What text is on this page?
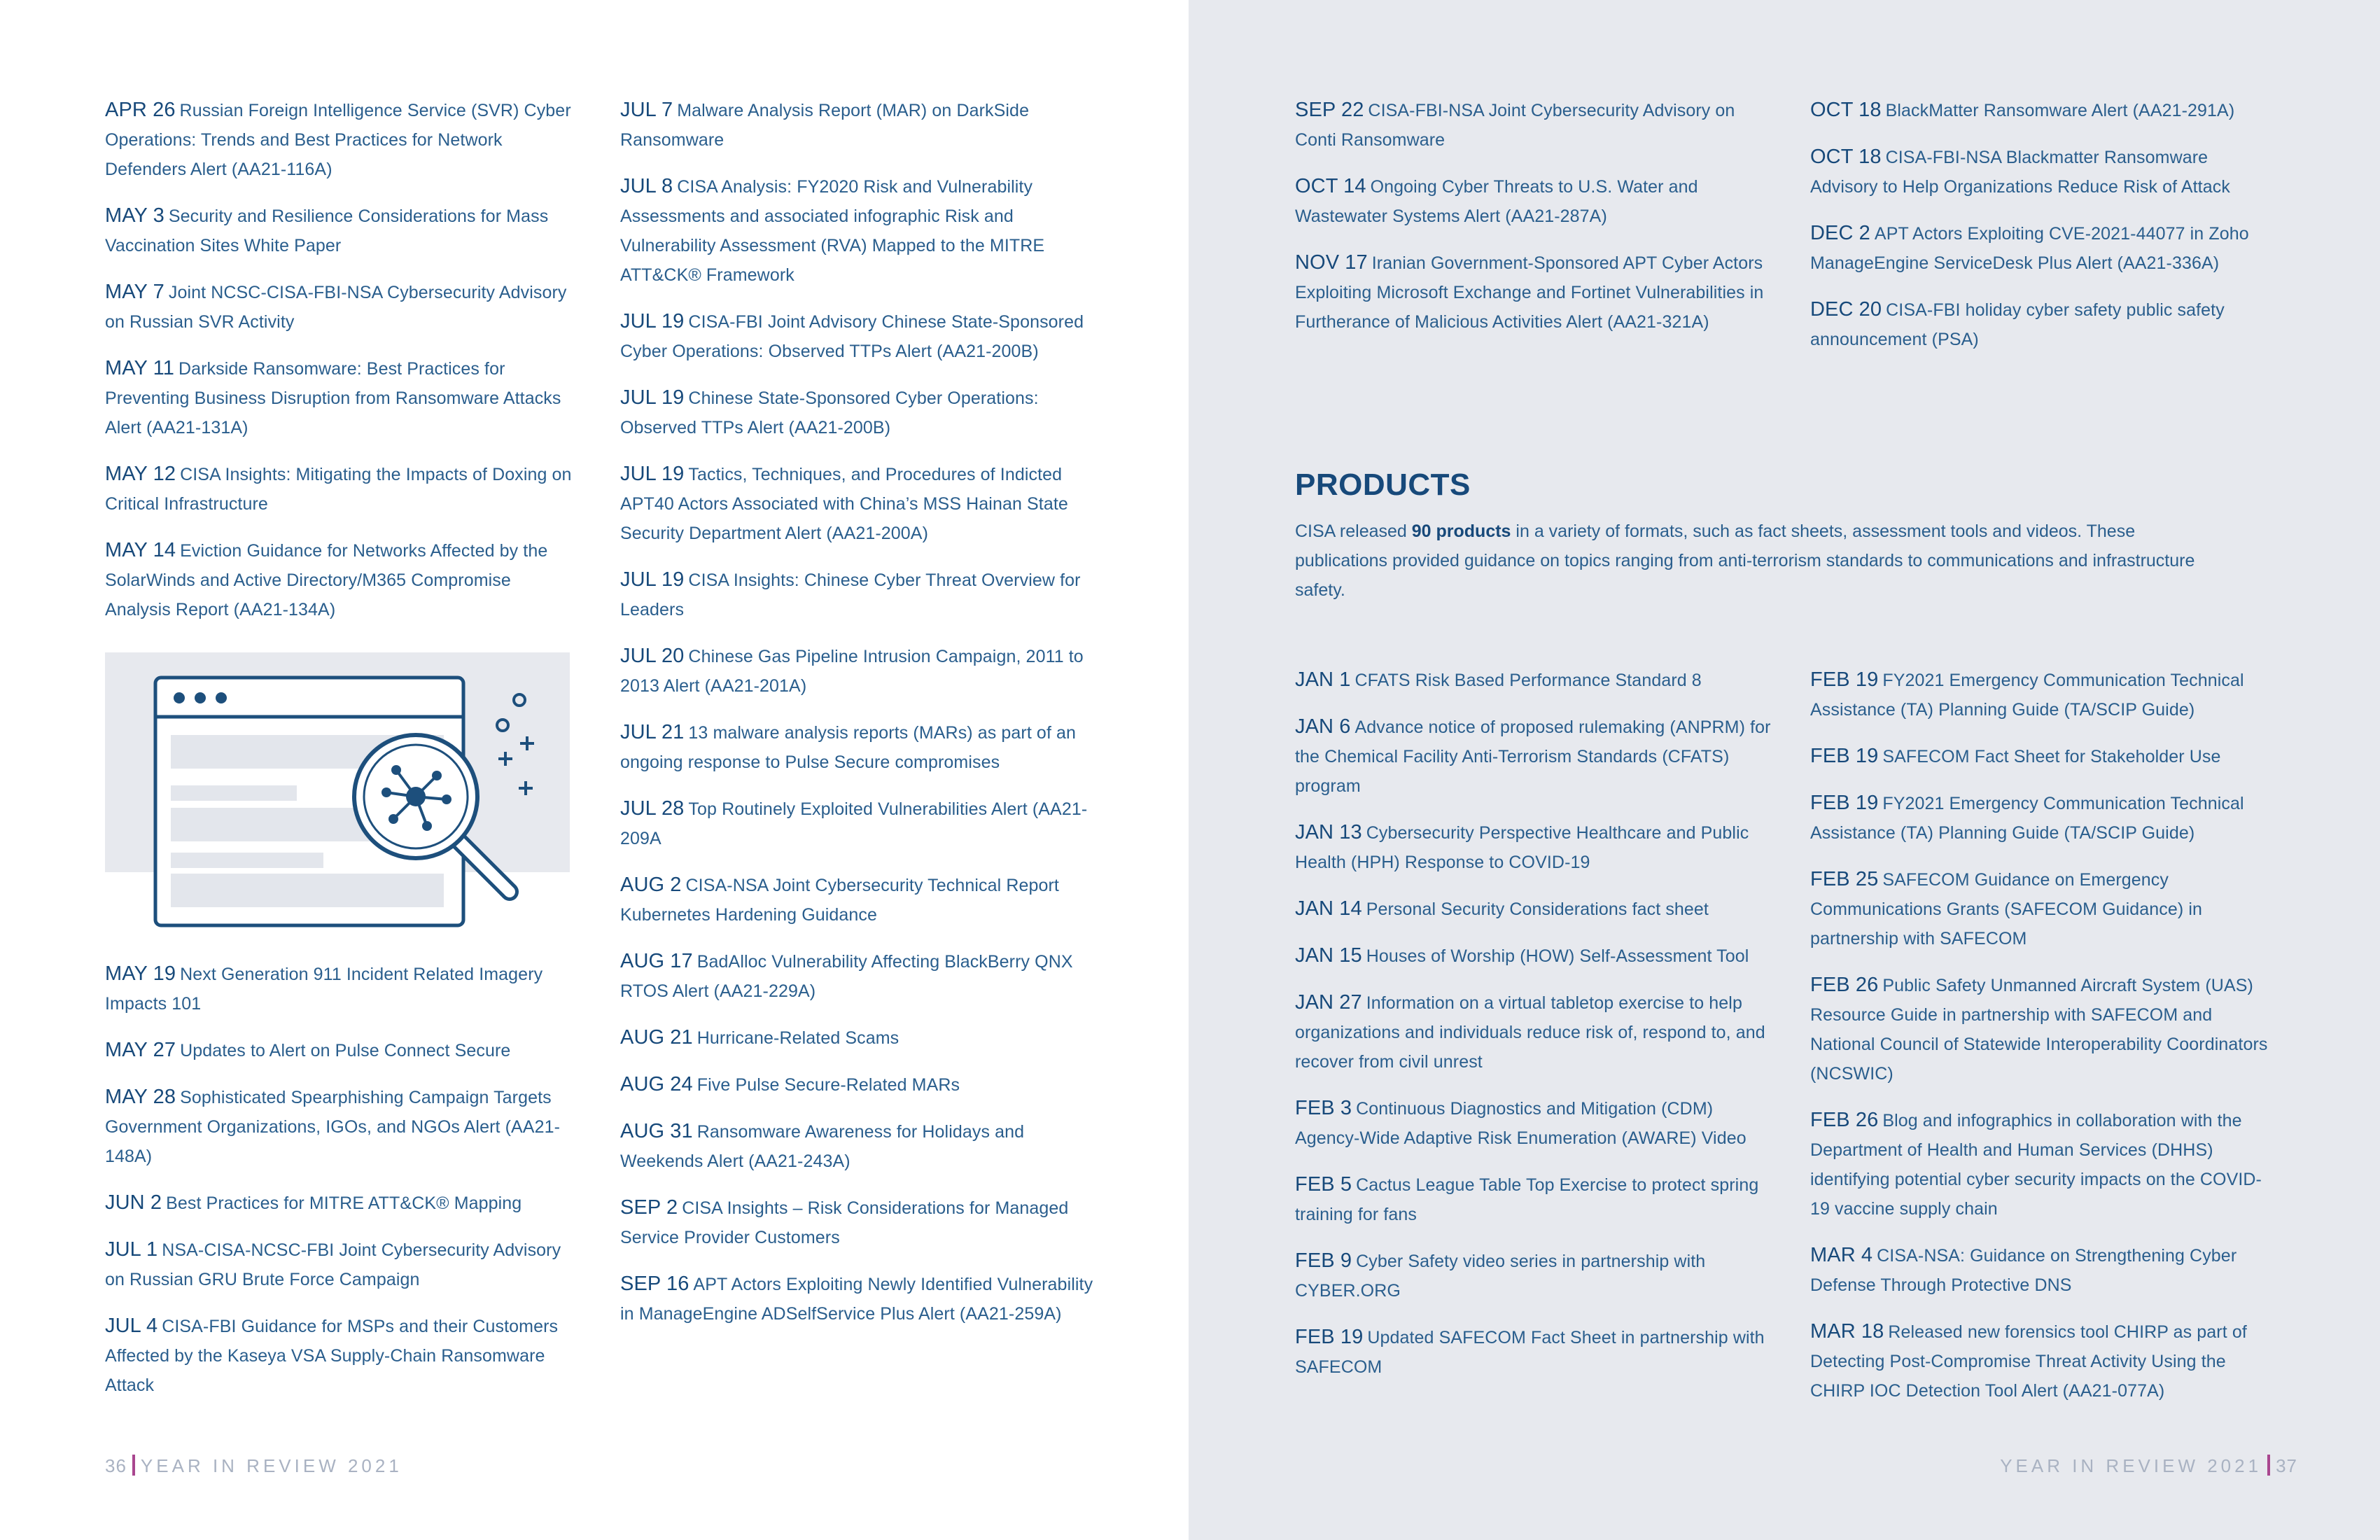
APR 26 Russian Foreign Intelligence Service (SVR) Cyber Operations: Trends and Best Practices for Network Defenders Alert (AA21-116A)

MAY 3 Security and Resilience Considerations for Mass Vaccination Sites White Paper

MAY 7 Joint NCSC-CISA-FBI-NSA Cybersecurity Advisory on Russian SVR Activity

MAY 11 Darkside Ransomware: Best Practices for Preventing Business Disruption from Ransomware Attacks Alert (AA21-131A)

MAY 12 CISA Insights: Mitigating the Impacts of Doxing on Critical Infrastructure

MAY 14 Eviction Guidance for Networks Affected by the SolarWinds and Active Directory/M365 Compromise Analysis Report (AA21-134A)

MAY 19 Next Generation 911 Incident Related Imagery Impacts 101

MAY 27 Updates to Alert on Pulse Connect Secure

MAY 28 Sophisticated Spearphishing Campaign Targets Government Organizations, IGOs, and NGOs Alert (AA21-148A)

JUN 2 Best Practices for MITRE ATT&CK® Mapping

JUL 1 NSA-CISA-NCSC-FBI Joint Cybersecurity Advisory on Russian GRU Brute Force Campaign

JUL 4 CISA-FBI Guidance for MSPs and their Customers Affected by the Kaseya VSA Supply-Chain Ransomware Attack

JUL 7 Malware Analysis Report (MAR) on DarkSide Ransomware

JUL 8 CISA Analysis: FY2020 Risk and Vulnerability Assessments and associated infographic Risk and Vulnerability Assessment (RVA) Mapped to the MITRE ATT&CK® Framework

JUL 19 CISA-FBI Joint Advisory Chinese State-Sponsored Cyber Operations: Observed TTPs Alert (AA21-200B)

JUL 19 Chinese State-Sponsored Cyber Operations: Observed TTPs Alert (AA21-200B)

JUL 19 Tactics, Techniques, and Procedures of Indicted APT40 Actors Associated with China’s MSS Hainan State Security Department Alert (AA21-200A)

JUL 19 CISA Insights: Chinese Cyber Threat Overview for Leaders

JUL 20 Chinese Gas Pipeline Intrusion Campaign, 2011 to 2013 Alert (AA21-201A)

JUL 21 13 malware analysis reports (MARs) as part of an ongoing response to Pulse Secure compromises

JUL 28 Top Routinely Exploited Vulnerabilities Alert (AA21-209A

AUG 2 CISA-NSA Joint Cybersecurity Technical Report Kubernetes Hardening Guidance

AUG 17 BadAlloc Vulnerability Affecting BlackBerry QNX RTOS Alert (AA21-229A)

AUG 21 Hurricane-Related Scams

AUG 24 Five Pulse Secure-Related MARs

AUG 31 Ransomware Awareness for Holidays and Weekends Alert (AA21-243A)

SEP 2 CISA Insights – Risk Considerations for Managed Service Provider Customers

SEP 16 APT Actors Exploiting Newly Identified Vulnerability in ManageEngine ADSelfService Plus Alert (AA21-259A)

36 YEAR IN REVIEW 2021

SEP 22 CISA-FBI-NSA Joint Cybersecurity Advisory on Conti Ransomware

OCT 14 Ongoing Cyber Threats to U.S. Water and Wastewater Systems Alert (AA21-287A)

NOV 17 Iranian Government-Sponsored APT Cyber Actors Exploiting Microsoft Exchange and Fortinet Vulnerabilities in Furtherance of Malicious Activities Alert (AA21-321A)

OCT 18 BlackMatter Ransomware Alert (AA21-291A)

OCT 18 CISA-FBI-NSA Blackmatter Ransomware Advisory to Help Organizations Reduce Risk of Attack

DEC 2 APT Actors Exploiting CVE-2021-44077 in Zoho ManageEngine ServiceDesk Plus Alert (AA21-336A)

DEC 20 CISA-FBI holiday cyber safety public safety announcement (PSA)

PRODUCTS

CISA released 90 products in a variety of formats, such as fact sheets, assessment tools and videos. These publications provided guidance on topics ranging from anti-terrorism standards to communications and infrastructure safety.

JAN 1 CFATS Risk Based Performance Standard 8

JAN 6 Advance notice of proposed rulemaking (ANPRM) for the Chemical Facility Anti-Terrorism Standards (CFATS) program

JAN 13 Cybersecurity Perspective Healthcare and Public Health (HPH) Response to COVID-19

JAN 14 Personal Security Considerations fact sheet

JAN 15 Houses of Worship (HOW) Self-Assessment Tool

JAN 27 Information on a virtual tabletop exercise to help organizations and individuals reduce risk of, respond to, and recover from civil unrest

FEB 3 Continuous Diagnostics and Mitigation (CDM) Agency-Wide Adaptive Risk Enumeration (AWARE) Video

FEB 5 Cactus League Table Top Exercise to protect spring training for fans

FEB 9 Cyber Safety video series in partnership with CYBER.ORG

FEB 19 Updated SAFECOM Fact Sheet in partnership with SAFECOM

FEB 19 FY2021 Emergency Communication Technical Assistance (TA) Planning Guide (TA/SCIP Guide)

FEB 19 SAFECOM Fact Sheet for Stakeholder Use

FEB 19 FY2021 Emergency Communication Technical Assistance (TA) Planning Guide (TA/SCIP Guide)

FEB 25 SAFECOM Guidance on Emergency Communications Grants (SAFECOM Guidance) in partnership with SAFECOM

FEB 26 Public Safety Unmanned Aircraft System (UAS) Resource Guide in partnership with SAFECOM and National Council of Statewide Interoperability Coordinators (NCSWIC)

FEB 26 Blog and infographics in collaboration with the Department of Health and Human Services (DHHS) identifying potential cyber security impacts on the COVID-19 vaccine supply chain

MAR 4 CISA-NSA: Guidance on Strengthening Cyber Defense Through Protective DNS

MAR 18 Released new forensics tool CHIRP as part of Detecting Post-Compromise Threat Activity Using the CHIRP IOC Detection Tool Alert (AA21-077A)

YEAR IN REVIEW 2021 37
